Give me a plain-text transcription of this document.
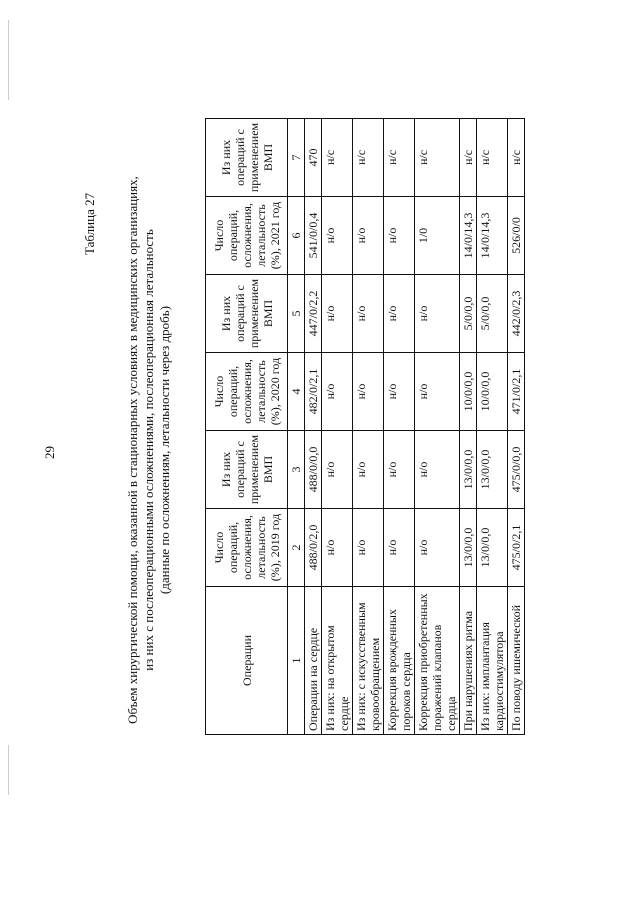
29
Таблица 27 Объем хирургической помощи, оказанной в стационарных условиях в медицинских организациях, из них с послеоперационными осложнениями, послеоперационная летальность (данные по осложнениям, летальности через дробь)
Операции	Число операций, осложнения, летальность (%), 2019 год	Из них операций с применением ВМП	Число операций, осложнения, летальность (%), 2020 год	Из них операций с применением ВМП	Число операций, осложнения, летальность (%), 2021 год	Из них операций с применением ВМП
1	2	3	4	5	6	7
Операции на сердце	488/0/2,0	488/0/0,0	482/0/2,1	447/0/2,2	541/0/0,4	470
Из них: на открытом сердце	н/о	н/о	н/о	н/о	н/о	н/с
Из них: с искусственным кровообращением	н/о	н/о	н/о	н/о	н/о	н/с
Коррекция врожденных пороков сердца	н/о	н/о	н/о	н/о	н/о	н/с
Коррекция приобретенных поражений клапанов сердца	н/о	н/о	н/о	н/о	1/0	н/с
При нарушениях ритма	13/0/0,0	13/0/0,0	10/0/0,0	5/0/0,0	14/0/14,3	н/с
Из них: имплантация кардиостимулятора	13/0/0,0	13/0/0,0	10/0/0,0	5/0/0,0	14/0/14,3	н/с
По поводу ишемической	475/0/2,1	475/0/0,0	471/0/2,1	442/0/2,3	526/0/0	н/с
